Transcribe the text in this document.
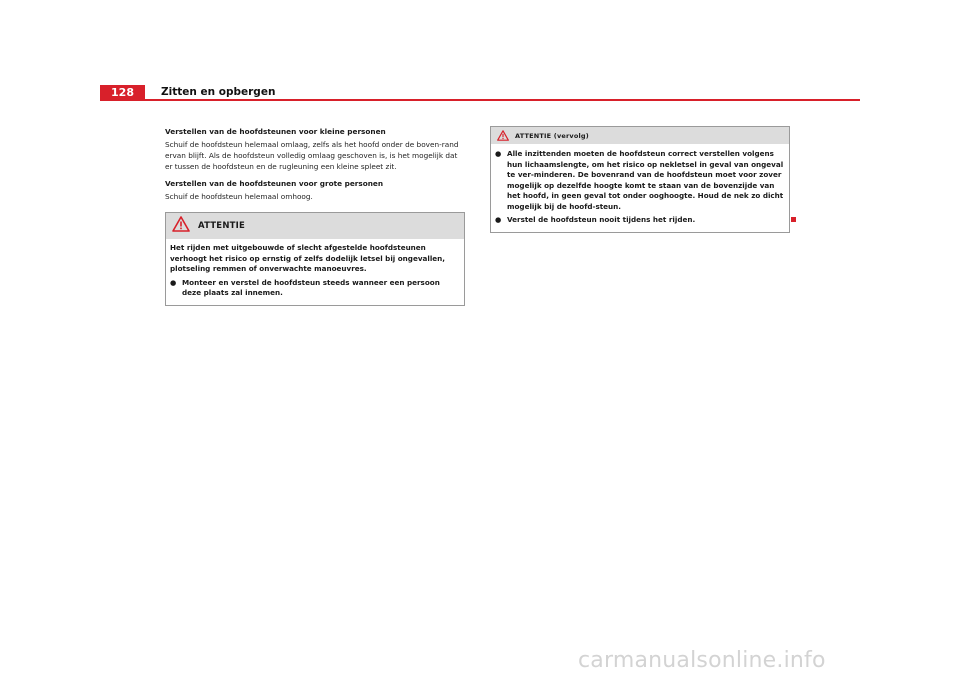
128	Zitten en opbergen

Verstellen van de hoofdsteunen voor kleine personen

Schuif de hoofdsteun helemaal omlaag, zelfs als het hoofd onder de boven-rand ervan blijft. Als de hoofdsteun volledig omlaag geschoven is, is het mogelijk dat er tussen de hoofdsteun en de rugleuning een kleine spleet zit.

Verstellen van de hoofdsteunen voor grote personen

Schuif de hoofdsteun helemaal omhoog.

ATTENTIE

Het rijden met uitgebouwde of slecht afgestelde hoofdsteunen verhoogt het risico op ernstig of zelfs dodelijk letsel bij ongevallen, plotseling remmen of onverwachte manoeuvres.

● Monteer en verstel de hoofdsteun steeds wanneer een persoon deze plaats zal innemen.
ATTENTIE (vervolg)
● Alle inzittenden moeten de hoofdsteun correct verstellen volgens hun lichaamslengte, om het risico op nekletsel in geval van ongeval te ver-minderen. De bovenrand van de hoofdsteun moet voor zover mogelijk op dezelfde hoogte komt te staan van de bovenzijde van het hoofd, in geen geval tot onder ooghoogte. Houd de nek zo dicht mogelijk bij de hoofd-steun.
● Verstel de hoofdsteun nooit tijdens het rijden.
carmanualsonline.info
